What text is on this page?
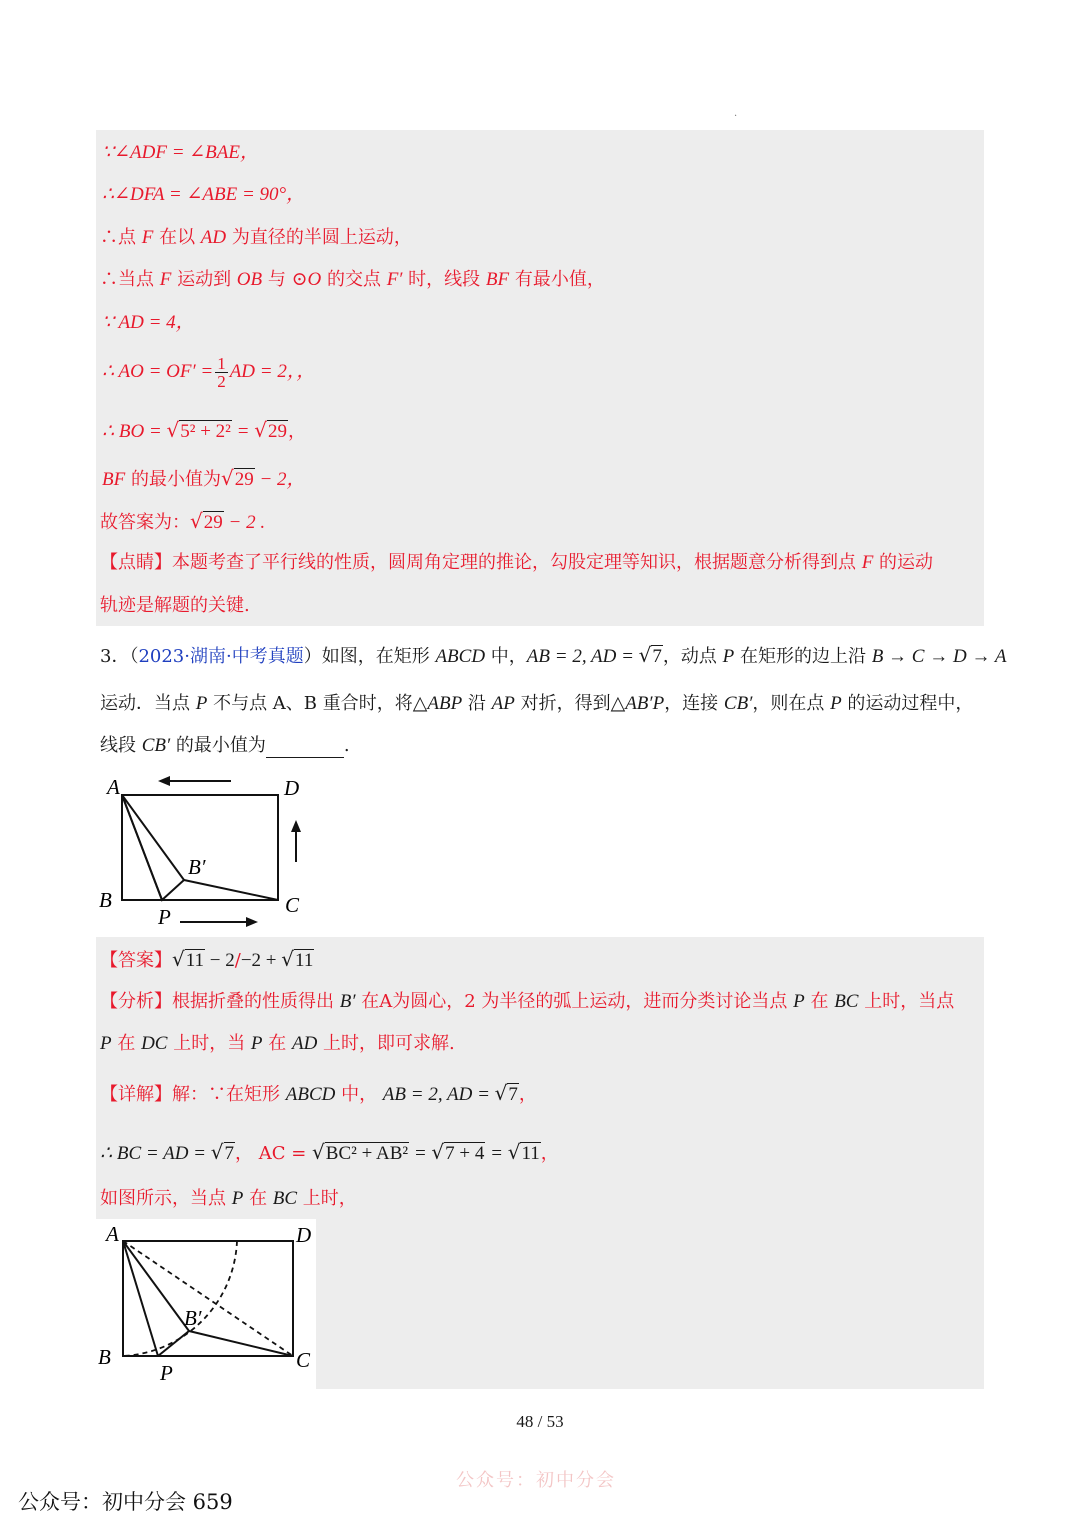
.
∵∠ADF = ∠BAE，
∴∠DFA = ∠ABE = 90°，
∴点 F 在以 AD 为直径的半圆上运动，
∴当点 F 运动到 OB 与 ⊙O 的交点 F′ 时，线段 BF 有最小值，
∵ AD = 4，
∴ AO = $OF' = \frac{1}{2}$ AD = 2，，
∴ BO = √5² + 2² = √29，
BF 的最小值为√29 − 2，
故答案为：√29 − 2 .
【点睛】本题考查了平行线的性质，圆周角定理的推论，勾股定理等知识，根据题意分析得到点 F 的运动
轨迹是解题的关键.
3．（2023·湖南·中考真题）如图，在矩形 ABCD 中，AB = 2, AD = √7，动点 P 在矩形的边上沿 B → C → D → A
运动．当点 P 不与点 A、B 重合时，将△ABP 沿 AP 对折，得到△AB′P，连接 CB′，则在点 P 的运动过程中，
线段 CB′ 的最小值为	.
A	D
B	C
P
B′
【答案】√11 − 2/−2 + √11
【分析】根据折叠的性质得出 B′ 在A为圆心，2 为半径的弧上运动，进而分类讨论当点 P 在 BC 上时，当点
P 在 DC 上时，当 P 在 AD 上时，即可求解.
【详解】解：∵在矩形 ABCD 中， AB = 2, AD = √7，
∴ BC = AD = √7， AC = √BC² + AB² = √7 + 4 = √11，
如图所示，当点 P 在 BC 上时，
A	D
B	C
P
B′
48 / 53
公众号：初中分会
公众号：初中分会 659
